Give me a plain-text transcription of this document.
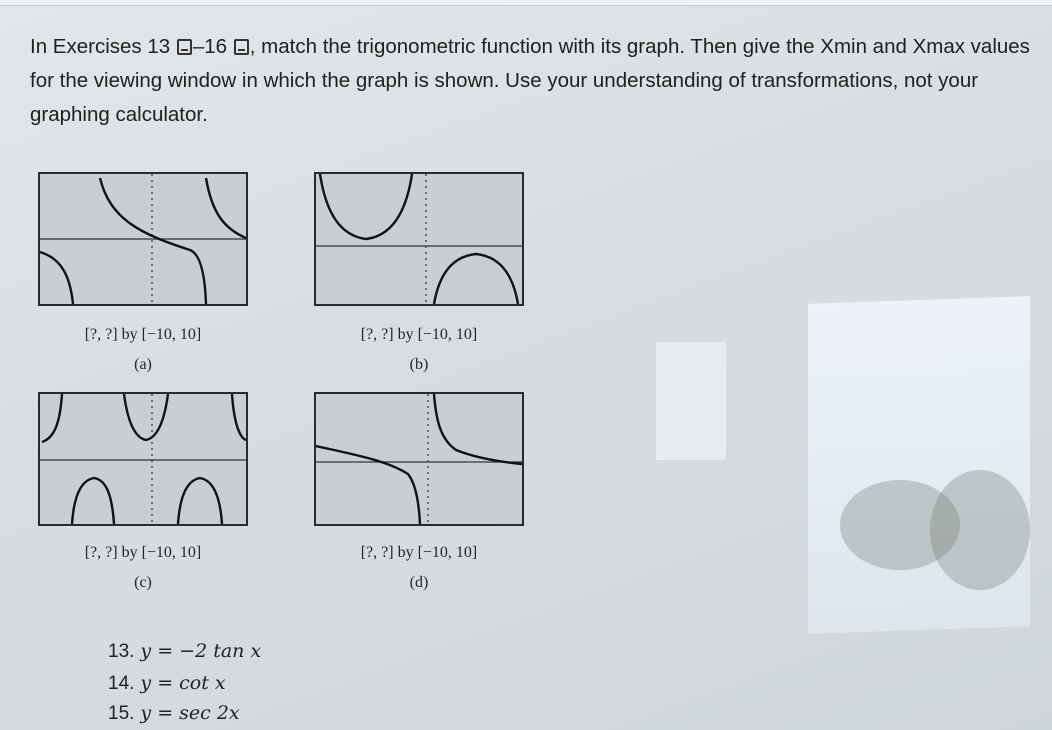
In Exercises 13 –16 , match the trigonometric function with its graph. Then give the Xmin and Xmax values for the viewing window in which the graph is shown. Use your understanding of transformations, not your graphing calculator.
[?, ?] by [−10, 10]
(a)
[?, ?] by [−10, 10]
(b)
[?, ?] by [−10, 10]
(c)
[?, ?] by [−10, 10]
(d)
13. y = −2 tan x
14. y = cot x
15. y = sec 2x
